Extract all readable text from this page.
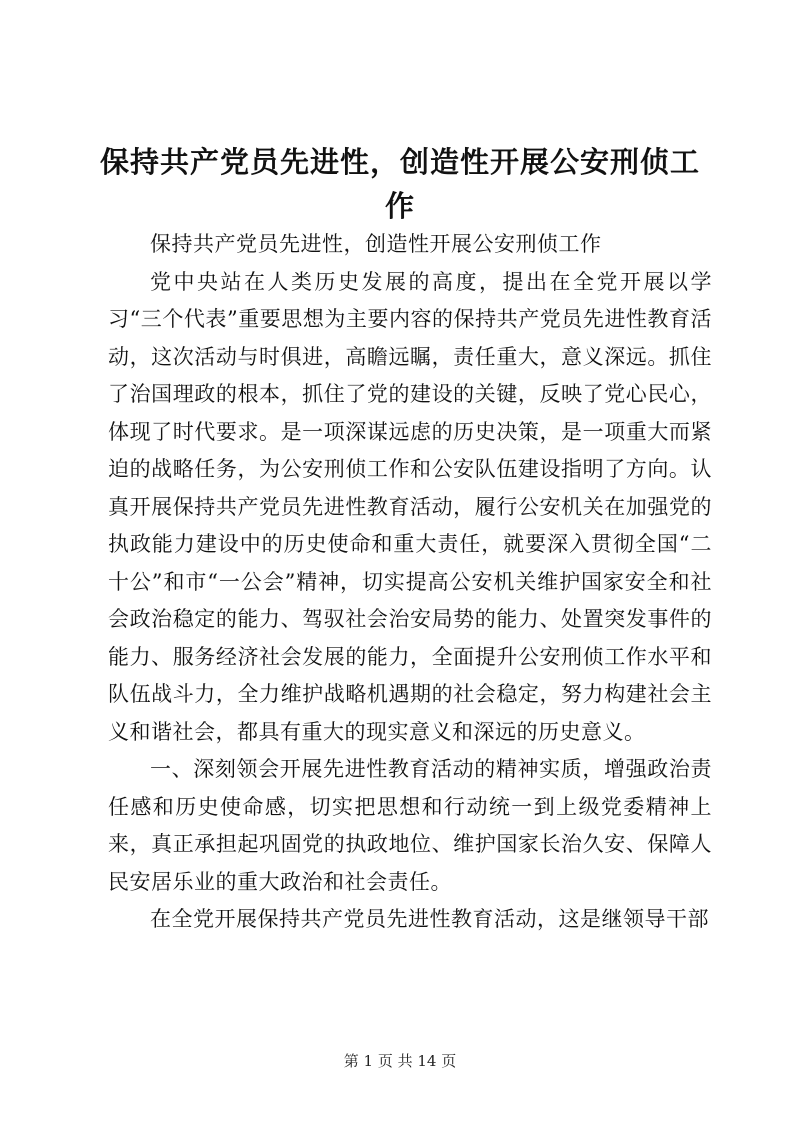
保持共产党员先进性，创造性开展公安刑侦工作

保持共产党员先进性，创造性开展公安刑侦工作

党中央站在人类历史发展的高度，提出在全党开展以学习“三个代表”重要思想为主要内容的保持共产党员先进性教育活动，这次活动与时俱进，高瞻远瞩，责任重大，意义深远。抓住了治国理政的根本，抓住了党的建设的关键，反映了党心民心，体现了时代要求。是一项深谋远虑的历史决策，是一项重大而紧迫的战略任务，为公安刑侦工作和公安队伍建设指明了方向。认真开展保持共产党员先进性教育活动，履行公安机关在加强党的执政能力建设中的历史使命和重大责任，就要深入贯彻全国“二十公”和市“一公会”精神，切实提高公安机关维护国家安全和社会政治稳定的能力、驾驭社会治安局势的能力、处置突发事件的能力、服务经济社会发展的能力，全面提升公安刑侦工作水平和队伍战斗力，全力维护战略机遇期的社会稳定，努力构建社会主义和谐社会，都具有重大的现实意义和深远的历史意义。

一、深刻领会开展先进性教育活动的精神实质，增强政治责任感和历史使命感，切实把思想和行动统一到上级党委精神上来，真正承担起巩固党的执政地位、维护国家长治久安、保障人民安居乐业的重大政治和社会责任。

在全党开展保持共产党员先进性教育活动，这是继领导干部

第 1 页 共 14 页
